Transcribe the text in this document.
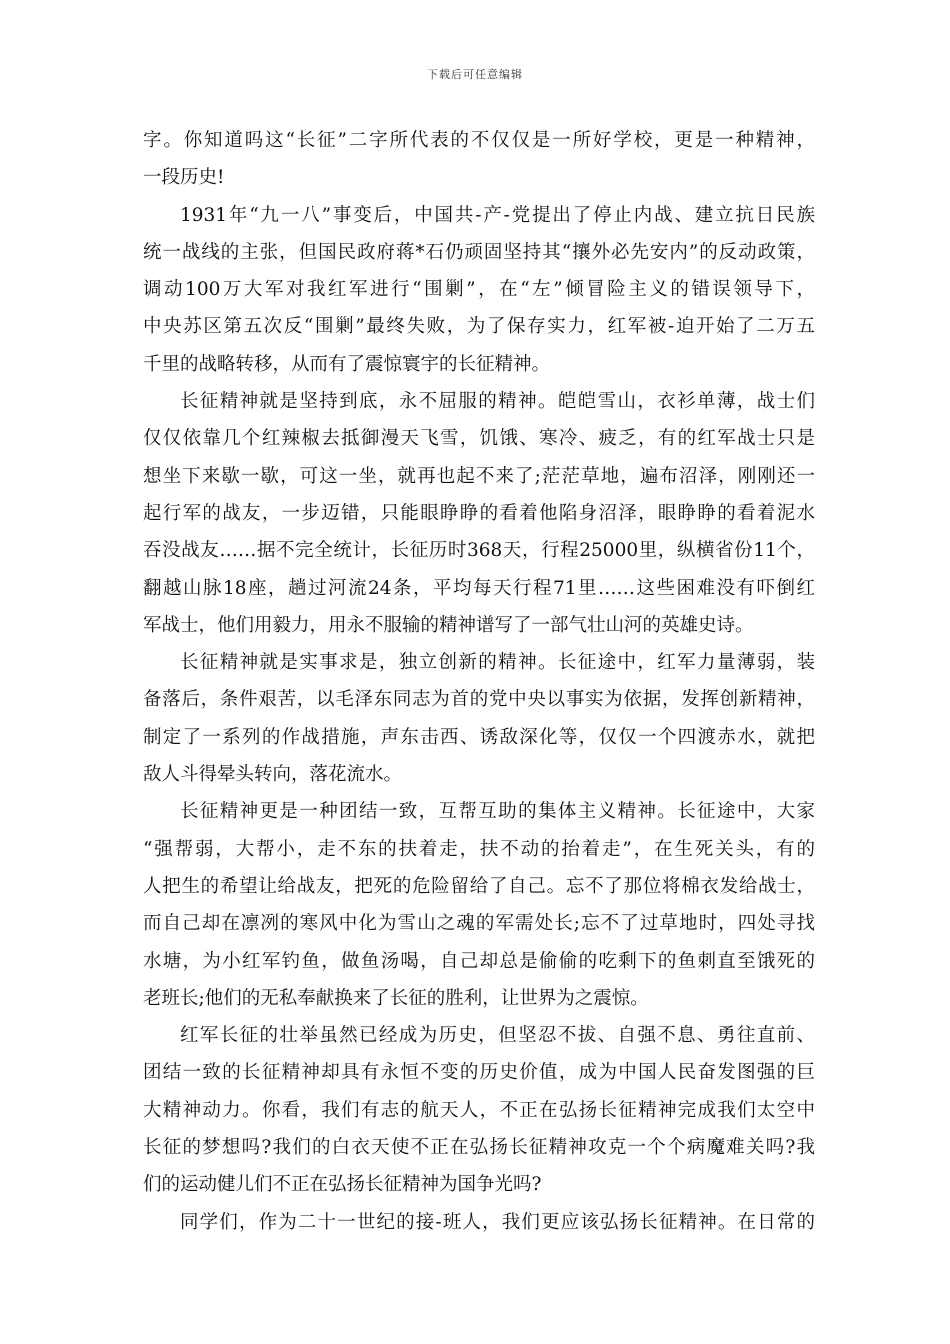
下载后可任意编辑
字。你知道吗这“长征”二字所代表的不仅仅是一所好学校，更是一种精神，
一段历史!
1931年“九一八”事变后，中国共-产-党提出了停止内战、建立抗日民族
统一战线的主张，但国民政府蒋*石仍顽固坚持其“攘外必先安内”的反动政策，
调动100万大军对我红军进行“围剿”，在“左”倾冒险主义的错误领导下，
中央苏区第五次反“围剿”最终失败，为了保存实力，红军被-迫开始了二万五
千里的战略转移，从而有了震惊寰宇的长征精神。
长征精神就是坚持到底，永不屈服的精神。皑皑雪山，衣衫单薄，战士们
仅仅依靠几个红辣椒去抵御漫天飞雪，饥饿、寒冷、疲乏，有的红军战士只是
想坐下来歇一歇，可这一坐，就再也起不来了;茫茫草地，遍布沼泽，刚刚还一
起行军的战友，一步迈错，只能眼睁睁的看着他陷身沼泽，眼睁睁的看着泥水
吞没战友……据不完全统计，长征历时368天，行程25000里，纵横省份11个，
翻越山脉18座，趟过河流24条，平均每天行程71里……这些困难没有吓倒红
军战士，他们用毅力，用永不服输的精神谱写了一部气壮山河的英雄史诗。
长征精神就是实事求是，独立创新的精神。长征途中，红军力量薄弱，装
备落后，条件艰苦，以毛泽东同志为首的党中央以事实为依据，发挥创新精神，
制定了一系列的作战措施，声东击西、诱敌深化等，仅仅一个四渡赤水，就把
敌人斗得晕头转向，落花流水。
长征精神更是一种团结一致，互帮互助的集体主义精神。长征途中，大家
“强帮弱，大帮小，走不东的扶着走，扶不动的抬着走”，在生死关头，有的
人把生的希望让给战友，把死的危险留给了自己。忘不了那位将棉衣发给战士，
而自己却在凛冽的寒风中化为雪山之魂的军需处长;忘不了过草地时，四处寻找
水塘，为小红军钓鱼，做鱼汤喝，自己却总是偷偷的吃剩下的鱼刺直至饿死的
老班长;他们的无私奉献换来了长征的胜利，让世界为之震惊。
红军长征的壮举虽然已经成为历史，但坚忍不拔、自强不息、勇往直前、
团结一致的长征精神却具有永恒不变的历史价值，成为中国人民奋发图强的巨
大精神动力。你看，我们有志的航天人，不正在弘扬长征精神完成我们太空中
长征的梦想吗?我们的白衣天使不正在弘扬长征精神攻克一个个病魔难关吗?我
们的运动健儿们不正在弘扬长征精神为国争光吗?
同学们，作为二十一世纪的接-班人，我们更应该弘扬长征精神。在日常的
